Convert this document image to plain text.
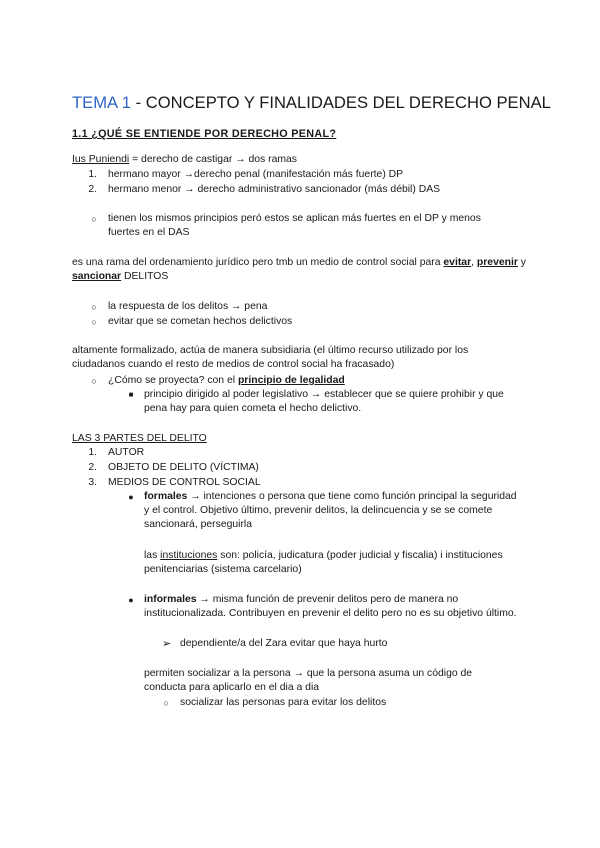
TEMA 1 - CONCEPTO Y FINALIDADES DEL DERECHO PENAL
1.1 ¿QUÉ SE ENTIENDE POR DERECHO PENAL?
Ius Puniendi = derecho de castigar → dos ramas
1. hermano mayor →derecho penal (manifestación más fuerte) DP
2. hermano menor → derecho administrativo sancionador (más débil) DAS
○	tienen los mismos principios peró estos se aplican más fuertes en el DP y menos fuertes en el DAS
es una rama del ordenamiento jurídico pero tmb un medio de control social para evitar, prevenir y sancionar DELITOS
○	la respuesta de los delitos → pena
○	evitar que se cometan hechos delictivos
altamente formalizado, actúa de manera subsidiaria (el último recurso utilizado por los ciudadanos cuando el resto de medios de control social ha fracasado)
○	¿Cómo se proyecta? con el principio de legalidad
■	principio dirigido al poder legislativo → establecer que se quiere prohibir y que pena hay para quien cometa el hecho delictivo.
LAS 3 PARTES DEL DELITO
1. AUTOR
2. OBJETO DE DELITO (VÍCTIMA)
3. MEDIOS DE CONTROL SOCIAL
● formales → intenciones o persona que tiene como función principal la seguridad y el control. Objetivo último, prevenir delitos, la delincuencia y se se comete sancionará, perseguirla
las instituciones son: policía, judicatura (poder judicial y fiscalia) i instituciones penitenciarias (sistema carcelario)
● informales → misma función de prevenir delitos pero de manera no institucionalizada. Contribuyen en prevenir el delito pero no es su objetivo último.
➢ dependiente/a del Zara evitar que haya hurto
permiten socializar a la persona → que la persona asuma un código de conducta para aplicarlo en el dia a dia
○	socializar las personas para evitar los delitos
